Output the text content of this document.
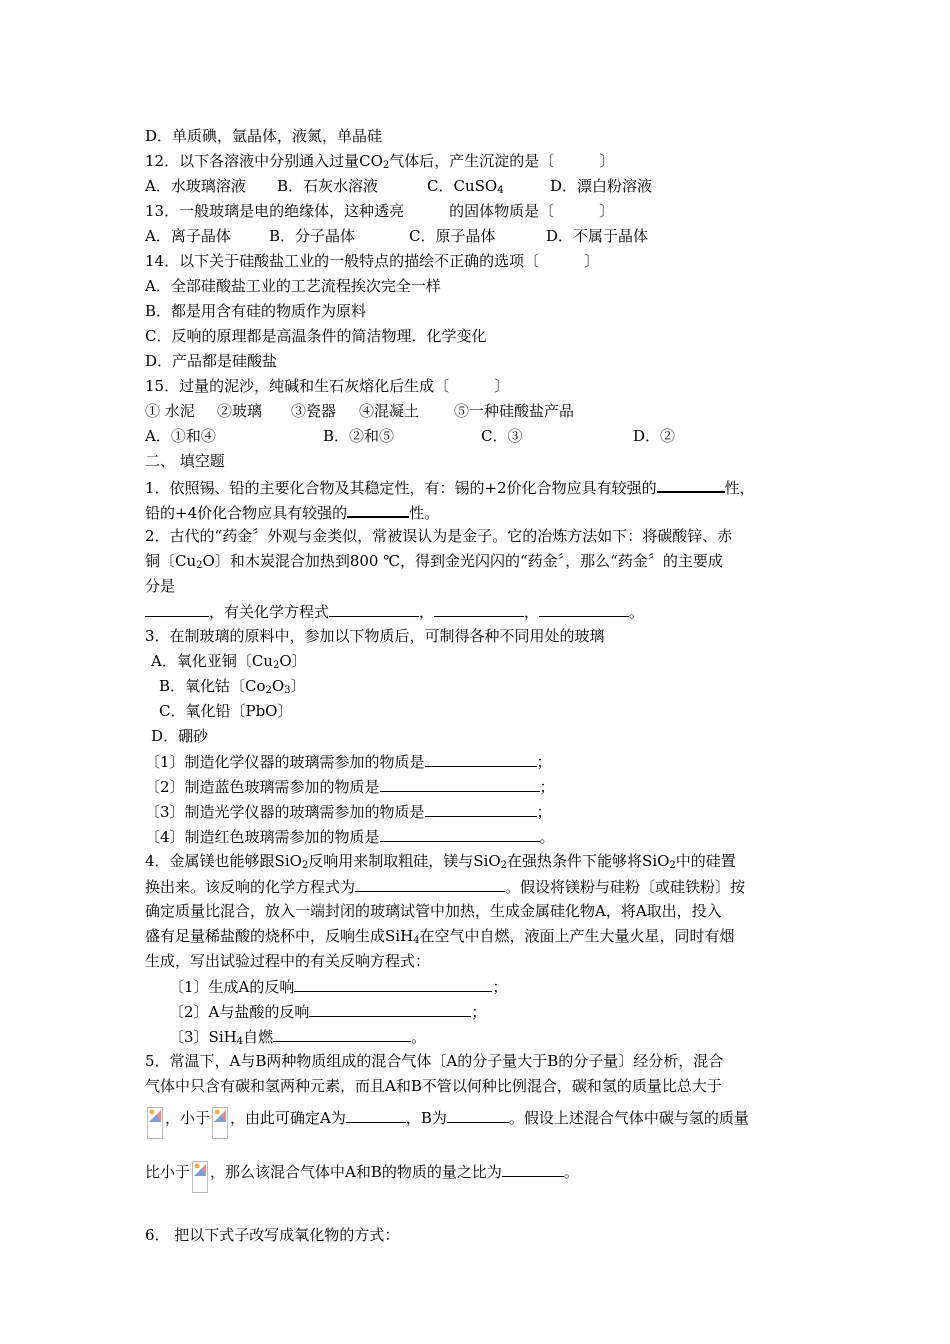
D．单质碘，氩晶体，液氮，单晶硅
12．以下各溶液中分别通入过量$CO_2$气体后，产生沉淀的是〔　　　〕
A．水玻璃溶液 B．石灰水溶液	C．CuSO$_4$	D．漂白粉溶液
13．一般玻璃是电的绝缘体，这种透亮　　　的固体物质是〔　　　〕
A．离子晶体	B．分子晶体	C．原子晶体	D．不属于晶体
14．以下关于硅酸盐工业的一般特点的描绘不正确的选项〔　　　〕
A．全部硅酸盐工业的工艺流程挨次完全一样
B．都是用含有硅的物质作为原料
C．反响的原理都是高温条件的简洁物理．化学变化
D．产品都是硅酸盐
15．过量的泥沙，纯碱和生石灰熔化后生成〔　　　〕
① 水泥 ②玻璃 ③瓷器 ④混凝土 ⑤一种硅酸盐产品
A．①和④	B．②和⑤	C．③	D．②
二、 填空题
1．依照锡、铅的主要化合物及其稳定性，有：锡的+2价化合物应具有较强的	性，
铅的+4价化合物应具有较强的	性。
2．古代的“药金〞外观与金类似，常被误认为是金子。它的冶炼方法如下：将碳酸锌、赤
铜〔$Cu_2O$〕和木炭混合加热到800 ℃，得到金光闪闪的“药金〞，那么“药金〞的主要成
分是
，有关化学方程式	，	，	。
3．在制玻璃的原料中，参加以下物质后，可制得各种不同用处的玻璃
A．氧化亚铜〔$Cu_2O$〕
B．氧化钴〔$Co_2O_3$〕
C．氧化铅〔PbO〕
D．硼砂
〔1〕制造化学仪器的玻璃需参加的物质是	；
〔2〕制造蓝色玻璃需参加的物质是	；
〔3〕制造光学仪器的玻璃需参加的物质是	；
〔4〕制造红色玻璃需参加的物质是	。
4．金属镁也能够跟SiO$_2$反响用来制取粗硅，镁与SiO$_2$在强热条件下能够将SiO$_2$中的硅置
换出来。该反响的化学方程式为	。假设将镁粉与硅粉〔或硅铁粉〕按
确定质量比混合，放入一端封闭的玻璃试管中加热，生成金属硅化物A，将A取出，投入
盛有足量稀盐酸的烧杯中，反响生成SiH$_4$在空气中自燃，液面上产生大量火星，同时有烟
生成，写出试验过程中的有关反响方程式：
〔1〕生成A的反响	；
〔2〕A与盐酸的反响	；
〔3〕SiH$_4$自燃	。
5．常温下，A与B两种物质组成的混合气体〔A的分子量大于B的分子量〕经分析，混合
气体中只含有碳和氢两种元素，而且A和B不管以何种比例混合，碳和氢的质量比总大于
，小于 ，由此可确定A为	，B为	。假设上述混合气体中碳与氢的质量
比小于 ，那么该混合气体中A和B的物质的量之比为	。
6． 把以下式子改写成氧化物的方式：
